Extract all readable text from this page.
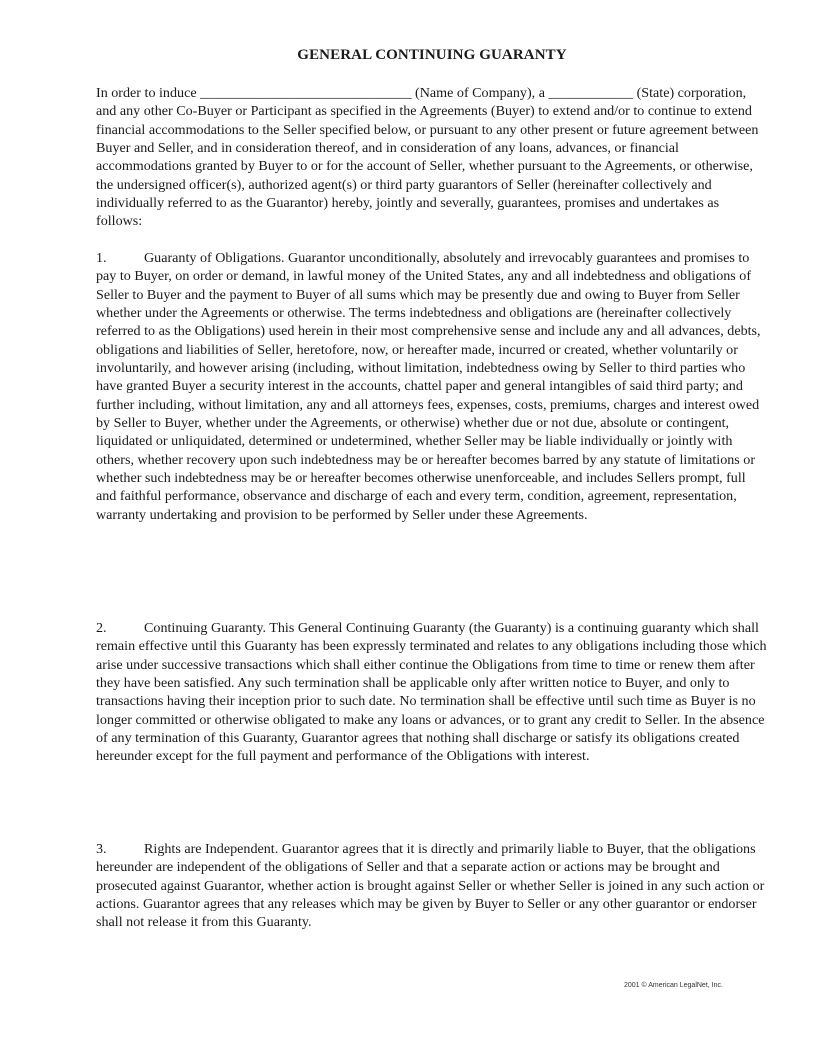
GENERAL CONTINUING GUARANTY

In order to induce ______________________________ (Name of Company), a ____________ (State) corporation, and any other Co-Buyer or Participant as specified in the Agreements (Buyer) to extend and/or to continue to extend financial accommodations to the Seller specified below, or pursuant to any other present or future agreement between Buyer and Seller, and in consideration thereof, and in consideration of any loans, advances, or financial accommodations granted by Buyer to or for the account of Seller, whether pursuant to the Agreements, or otherwise, the undersigned officer(s), authorized agent(s) or third party guarantors of Seller (hereinafter collectively and individually referred to as the Guarantor) hereby, jointly and severally, guarantees, promises and undertakes as follows:

1.	Guaranty of Obligations. Guarantor unconditionally, absolutely and irrevocably guarantees and promises to pay to Buyer, on order or demand, in lawful money of the United States, any and all indebtedness and obligations of Seller to Buyer and the payment to Buyer of all sums which may be presently due and owing to Buyer from Seller whether under the Agreements or otherwise. The terms indebtedness and obligations are (hereinafter collectively referred to as the Obligations) used herein in their most comprehensive sense and include any and all advances, debts, obligations and liabilities of Seller, heretofore, now, or hereafter made, incurred or created, whether voluntarily or involuntarily, and however arising (including, without limitation, indebtedness owing by Seller to third parties who have granted Buyer a security interest in the accounts, chattel paper and general intangibles of said third party; and further including, without limitation, any and all attorneys fees, expenses, costs, premiums, charges and interest owed by Seller to Buyer, whether under the Agreements, or otherwise) whether due or not due, absolute or contingent, liquidated or unliquidated, determined or undetermined, whether Seller may be liable individually or jointly with others, whether recovery upon such indebtedness may be or hereafter becomes barred by any statute of limitations or whether such indebtedness may be or hereafter becomes otherwise unenforceable, and includes Sellers prompt, full and faithful performance, observance and discharge of each and every term, condition, agreement, representation, warranty undertaking and provision to be performed by Seller under these Agreements.

2.	Continuing Guaranty. This General Continuing Guaranty (the Guaranty) is a continuing guaranty which shall remain effective until this Guaranty has been expressly terminated and relates to any obligations including those which arise under successive transactions which shall either continue the Obligations from time to time or renew them after they have been satisfied. Any such termination shall be applicable only after written notice to Buyer, and only to transactions having their inception prior to such date. No termination shall be effective until such time as Buyer is no longer committed or otherwise obligated to make any loans or advances, or to grant any credit to Seller. In the absence of any termination of this Guaranty, Guarantor agrees that nothing shall discharge or satisfy its obligations created hereunder except for the full payment and performance of the Obligations with interest.

3.	Rights are Independent. Guarantor agrees that it is directly and primarily liable to Buyer, that the obligations hereunder are independent of the obligations of Seller and that a separate action or actions may be brought and prosecuted against Guarantor, whether action is brought against Seller or whether Seller is joined in any such action or actions. Guarantor agrees that any releases which may be given by Buyer to Seller or any other guarantor or endorser shall not release it from this Guaranty.

2001 © American LegalNet, Inc.
